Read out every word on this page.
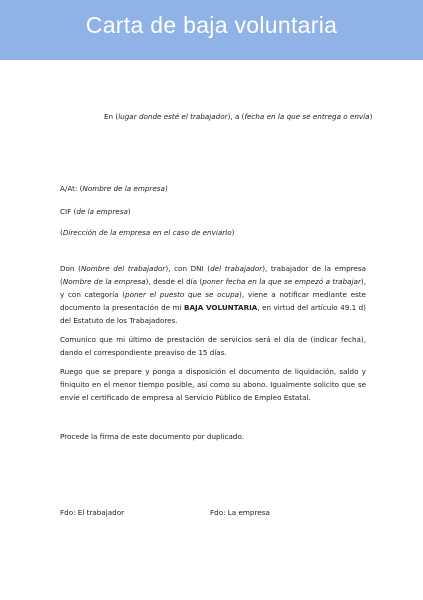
Carta de baja voluntaria
En (lugar donde esté el trabajador), a (fecha en la que se entrega o envía)
A/At: (Nombre de la empresa)
CIF (de la empresa)
(Dirección de la empresa en el caso de enviarlo)
Don (Nombre del trabajador), con DNI (del trabajador), trabajador de la empresa (Nombre de la empresa), desde el día (poner fecha en la que se empezó a trabajar), y con categoría (poner el puesto que se ocupa), viene a notificar mediante este documento la presentación de mi BAJA VOLUNTARIA, en virtud del artículo 49.1 d) del Estatuto de los Trabajadores.
Comunico que mi último de prestación de servicios será el día de (indicar fecha), dando el correspondiente preaviso de 15 días.
Ruego que se prepare y ponga a disposición el documento de liquidación, saldo y finiquito en el menor tiempo posible, así como su abono. Igualmente solicito que se envíe el certificado de empresa al Servicio Público de Empleo Estatal.
Procede la firma de este documento por duplicado.
Fdo: El trabajador	Fdo: La empresa
